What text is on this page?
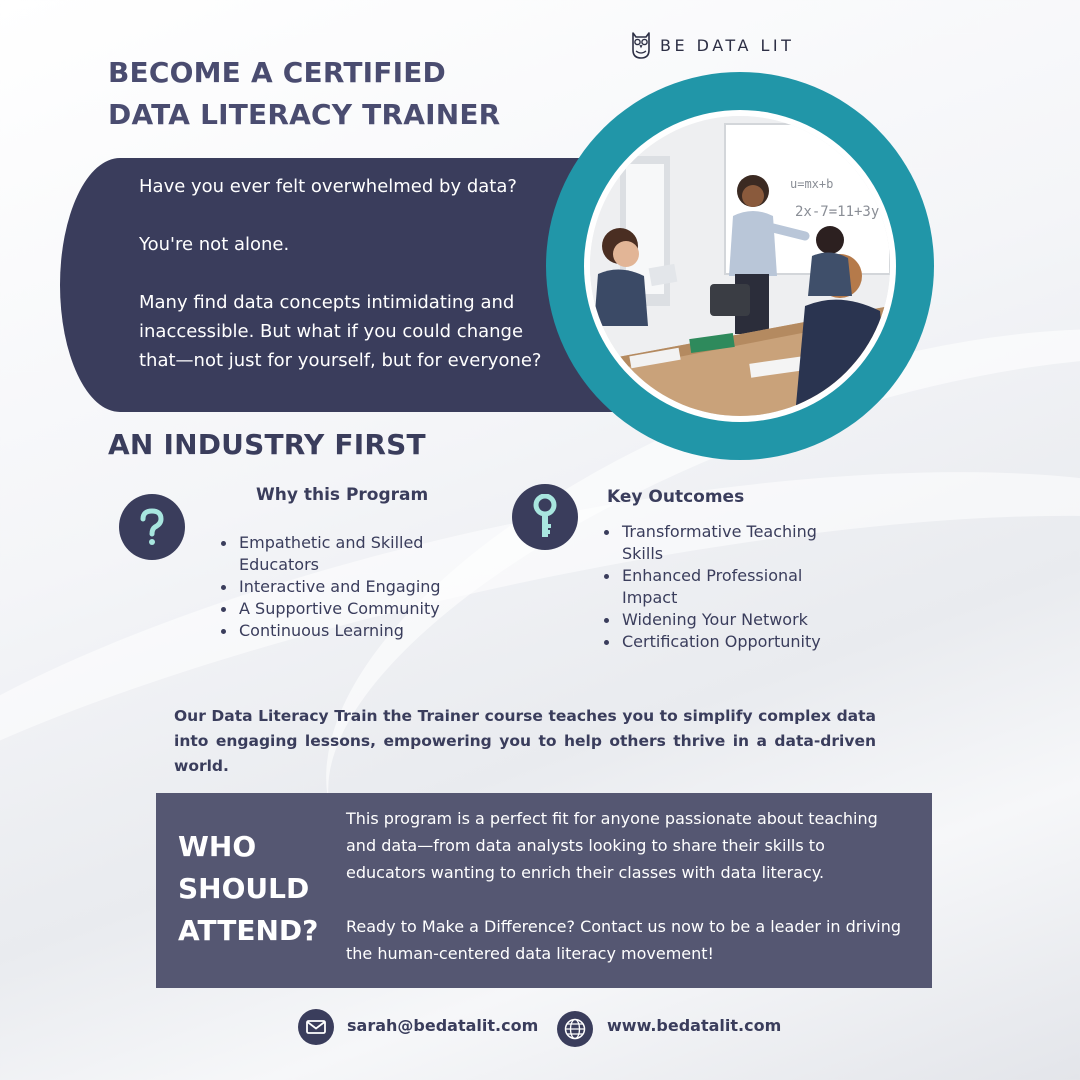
BE DATA LIT
BECOME A CERTIFIED
DATA LITERACY TRAINER

Have you ever felt overwhelmed by data?

You're not alone.

Many find data concepts intimidating and inaccessible. But what if you could change that—not just for yourself, but for everyone?

u=mx+b
2x-7=11+3y
AN INDUSTRY FIRST
Why this Program
Empathetic and Skilled Educators
Interactive and Engaging
A Supportive Community
Continuous Learning
Key Outcomes
Transformative Teaching Skills
Enhanced Professional Impact
Widening Your Network
Certification Opportunity
Our Data Literacy Train the Trainer course teaches you to simplify complex data into engaging lessons, empowering you to help others thrive in a data-driven world.
WHO
SHOULD
ATTEND?

This program is a perfect fit for anyone passionate about teaching and data—from data analysts looking to share their skills to educators wanting to enrich their classes with data literacy.

Ready to Make a Difference? Contact us now to be a leader in driving the human-centered data literacy movement!

sarah@bedatalit.com	www.bedatalit.com
